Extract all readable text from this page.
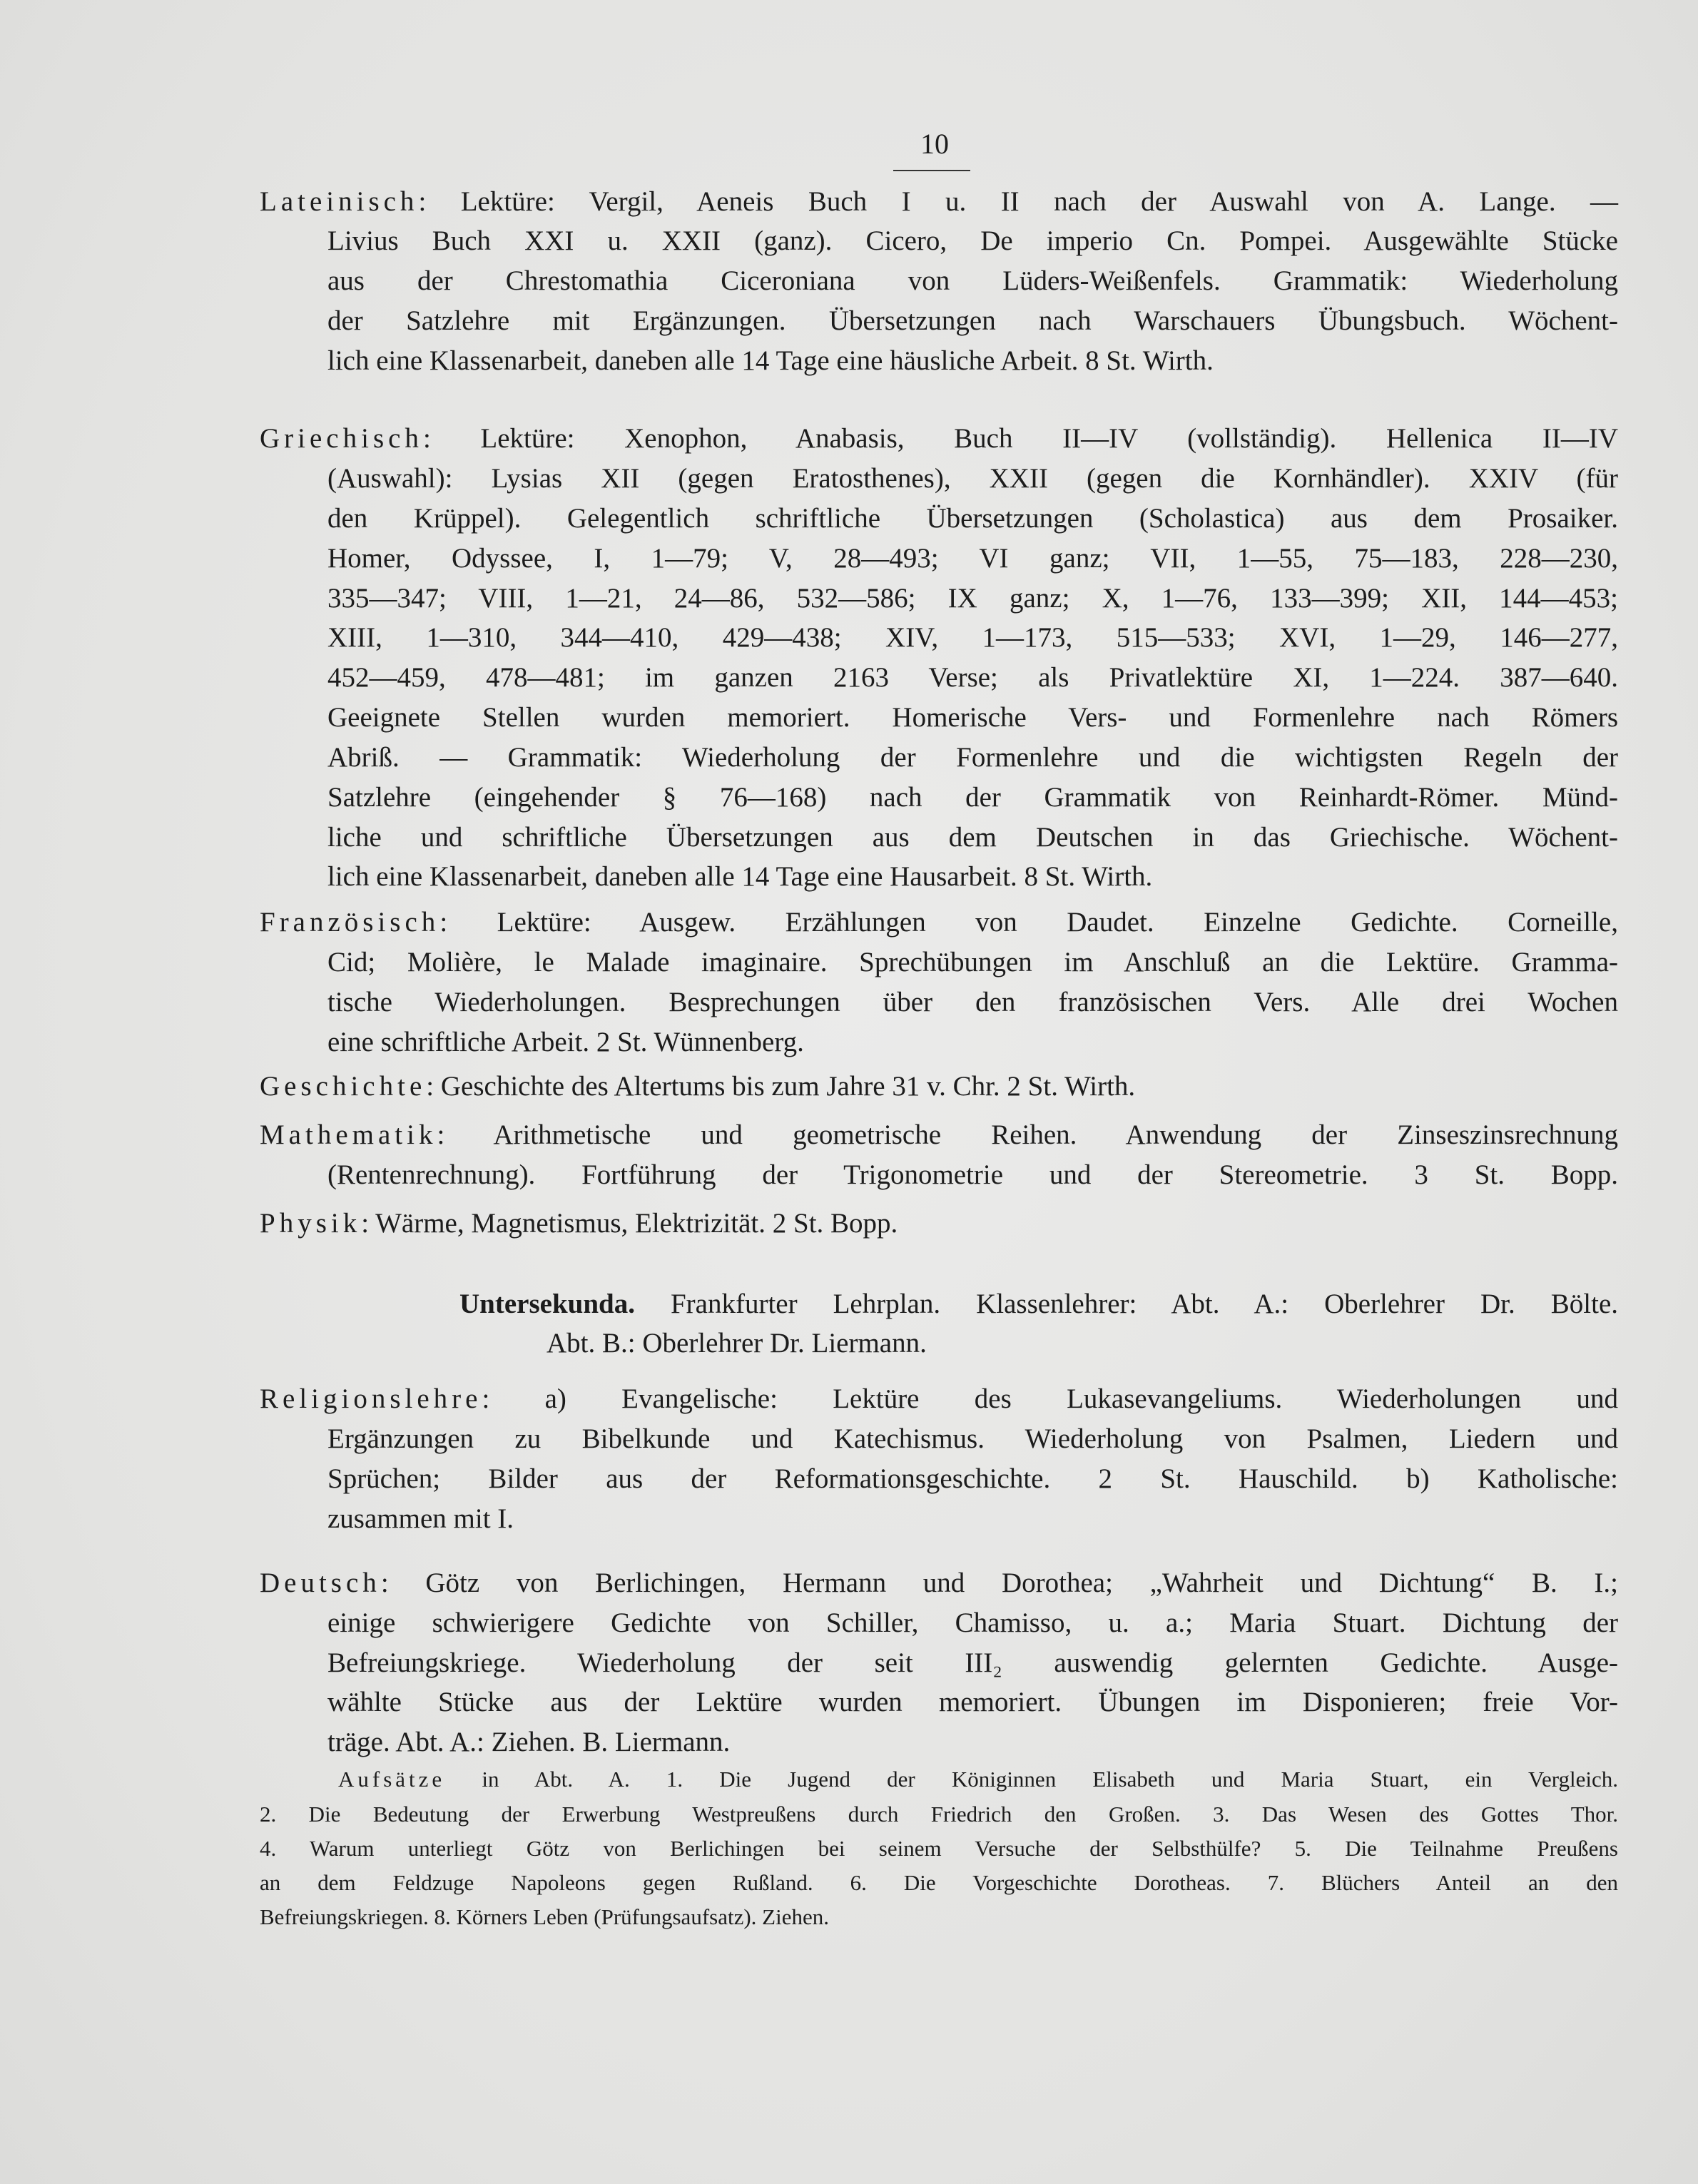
10
Lateinisch: Lektüre: Vergil, Aeneis Buch I u. II nach der Auswahl von A. Lange. —
Livius Buch XXI u. XXII (ganz). Cicero, De imperio Cn. Pompei. Ausgewählte Stücke
aus der Chrestomathia Ciceroniana von Lüders-Weißenfels. Grammatik: Wiederholung
der Satzlehre mit Ergänzungen. Übersetzungen nach Warschauers Übungsbuch. Wöchent-
lich eine Klassenarbeit, daneben alle 14 Tage eine häusliche Arbeit. 8 St. Wirth.
Griechisch: Lektüre: Xenophon, Anabasis, Buch II—IV (vollständig). Hellenica II—IV
(Auswahl): Lysias XII (gegen Eratosthenes), XXII (gegen die Kornhändler). XXIV (für
den Krüppel). Gelegentlich schriftliche Übersetzungen (Scholastica) aus dem Prosaiker.
Homer, Odyssee, I, 1—79; V, 28—493; VI ganz; VII, 1—55, 75—183, 228—230,
335—347; VIII, 1—21, 24—86, 532—586; IX ganz; X, 1—76, 133—399; XII, 144—453;
XIII, 1—310, 344—410, 429—438; XIV, 1—173, 515—533; XVI, 1—29, 146—277,
452—459, 478—481; im ganzen 2163 Verse; als Privatlektüre XI, 1—224. 387—640.
Geeignete Stellen wurden memoriert. Homerische Vers- und Formenlehre nach Römers
Abriß. — Grammatik: Wiederholung der Formenlehre und die wichtigsten Regeln der
Satzlehre (eingehender § 76—168) nach der Grammatik von Reinhardt-Römer. Münd-
liche und schriftliche Übersetzungen aus dem Deutschen in das Griechische. Wöchent-
lich eine Klassenarbeit, daneben alle 14 Tage eine Hausarbeit. 8 St. Wirth.
Französisch: Lektüre: Ausgew. Erzählungen von Daudet. Einzelne Gedichte. Corneille,
Cid; Molière, le Malade imaginaire. Sprechübungen im Anschluß an die Lektüre. Gramma-
tische Wiederholungen. Besprechungen über den französischen Vers. Alle drei Wochen
eine schriftliche Arbeit. 2 St. Wünnenberg.
Geschichte: Geschichte des Altertums bis zum Jahre 31 v. Chr. 2 St. Wirth.
Mathematik: Arithmetische und geometrische Reihen. Anwendung der Zinseszinsrechnung
(Rentenrechnung). Fortführung der Trigonometrie und der Stereometrie. 3 St. Bopp.
Physik: Wärme, Magnetismus, Elektrizität. 2 St. Bopp.
Untersekunda. Frankfurter Lehrplan. Klassenlehrer: Abt. A.: Oberlehrer Dr. Bölte.
Abt. B.: Oberlehrer Dr. Liermann.
Religionslehre: a) Evangelische: Lektüre des Lukasevangeliums. Wiederholungen und
Ergänzungen zu Bibelkunde und Katechismus. Wiederholung von Psalmen, Liedern und
Sprüchen; Bilder aus der Reformationsgeschichte. 2 St. Hauschild. b) Katholische:
zusammen mit I.
Deutsch: Götz von Berlichingen, Hermann und Dorothea; „Wahrheit und Dichtung“ B. I.;
einige schwierigere Gedichte von Schiller, Chamisso, u. a.; Maria Stuart. Dichtung der
Befreiungskriege. Wiederholung der seit III₂ auswendig gelernten Gedichte. Ausge-
wählte Stücke aus der Lektüre wurden memoriert. Übungen im Disponieren; freie Vor-
träge. Abt. A.: Ziehen. B. Liermann.
Aufsätze in Abt. A. 1. Die Jugend der Königinnen Elisabeth und Maria Stuart, ein Vergleich.
2. Die Bedeutung der Erwerbung Westpreußens durch Friedrich den Großen. 3. Das Wesen des Gottes Thor.
4. Warum unterliegt Götz von Berlichingen bei seinem Versuche der Selbsthülfe? 5. Die Teilnahme Preußens
an dem Feldzuge Napoleons gegen Rußland. 6. Die Vorgeschichte Dorotheas. 7. Blüchers Anteil an den
Befreiungskriegen. 8. Körners Leben (Prüfungsaufsatz). Ziehen.
